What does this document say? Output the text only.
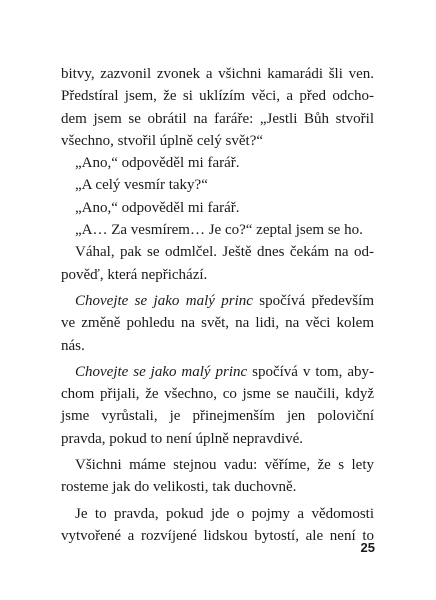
bitvy, zazvonil zvonek a všichni kamarádi šli ven.
Předstíral jsem, že si uklízím věci, a před odcho-
dem jsem se obrátil na faráře: „Jestli Bůh stvořil
všechno, stvořil úplně celý svět?“

„Ano,“ odpověděl mi farář.

„A celý vesmír taky?“

„Ano,“ odpověděl mi farář.

„A… Za vesmírem… Je co?“ zeptal jsem se ho.

Váhal, pak se odmlčel. Ještě dnes čekám na od-
pověď, která nepřichází.

Chovejte se jako malý princ spočívá především
ve změně pohledu na svět, na lidi, na věci kolem
nás.

Chovejte se jako malý princ spočívá v tom, aby-
chom přijali, že všechno, co jsme se naučili, když
jsme vyrůstali, je přinejmenším jen poloviční
pravda, pokud to není úplně nepravdivé.

Všichni máme stejnou vadu: věříme, že s lety
rosteme jak do velikosti, tak duchovně.

Je to pravda, pokud jde o pojmy a vědomosti
vytvořené a rozvíjené lidskou bytostí, ale není to

25
